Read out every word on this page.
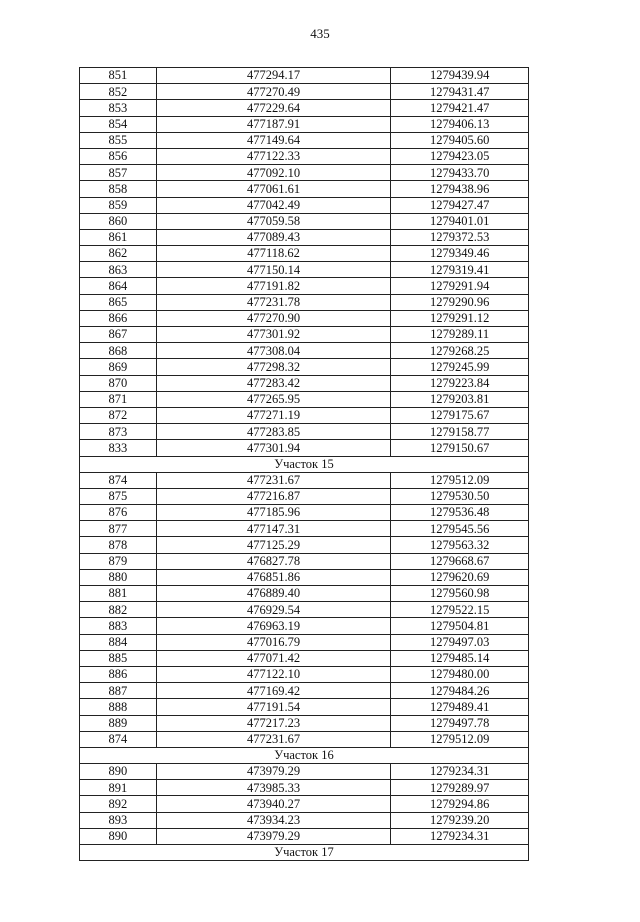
435
851	477294.17	1279439.94
852	477270.49	1279431.47
853	477229.64	1279421.47
854	477187.91	1279406.13
855	477149.64	1279405.60
856	477122.33	1279423.05
857	477092.10	1279433.70
858	477061.61	1279438.96
859	477042.49	1279427.47
860	477059.58	1279401.01
861	477089.43	1279372.53
862	477118.62	1279349.46
863	477150.14	1279319.41
864	477191.82	1279291.94
865	477231.78	1279290.96
866	477270.90	1279291.12
867	477301.92	1279289.11
868	477308.04	1279268.25
869	477298.32	1279245.99
870	477283.42	1279223.84
871	477265.95	1279203.81
872	477271.19	1279175.67
873	477283.85	1279158.77
833	477301.94	1279150.67
Участок 15		
874	477231.67	1279512.09
875	477216.87	1279530.50
876	477185.96	1279536.48
877	477147.31	1279545.56
878	477125.29	1279563.32
879	476827.78	1279668.67
880	476851.86	1279620.69
881	476889.40	1279560.98
882	476929.54	1279522.15
883	476963.19	1279504.81
884	477016.79	1279497.03
885	477071.42	1279485.14
886	477122.10	1279480.00
887	477169.42	1279484.26
888	477191.54	1279489.41
889	477217.23	1279497.78
874	477231.67	1279512.09
Участок 16		
890	473979.29	1279234.31
891	473985.33	1279289.97
892	473940.27	1279294.86
893	473934.23	1279239.20
890	473979.29	1279234.31
Участок 17		
